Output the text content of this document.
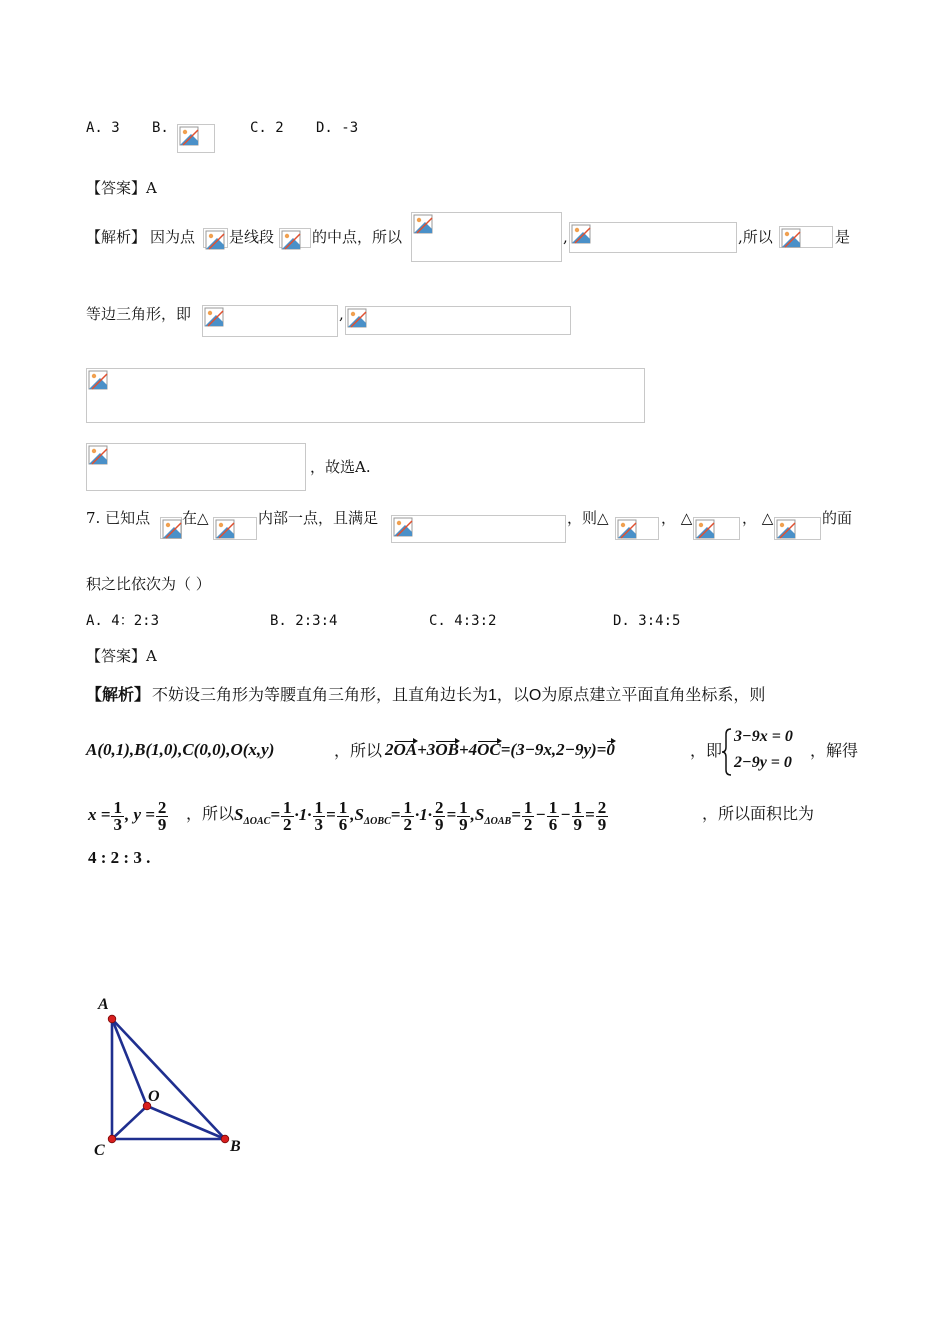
A. 3 B.	C. 2 D. -3
【答案】A
【解析】 因为点 是线段	的中点，所以	,	,所以	是
等边三角形，即	,
，故选A.
7. 已知点 在△	内部一点，且满足	，则△	， △	， △	的面
积之比依次为（ ）
A. 4：2:3	B. 2:3:4	C. 4:3:2	D. 3:4:5
【答案】A
【解析】 不妨设三角形为等腰直角三角形，且直角边长为1，以O为原点建立平面直角坐标系，则
A(0,1),B(1,0),C(0,0),O(x,y)	，所以 2OA+3OB+4OC=(3−9x,2−9y)=0	，即
3−9x = 0
2−9y = 0
，解得
$x = \frac{1}{3}$ , $y = \frac{2}{9}$ ，所以 $S_{\Delta OAC}= \frac{1}{2} \cdot 1\cdot \frac{1}{3} = \frac{1}{6} ,S_{\Delta OBC}= \frac{1}{2} \cdot 1\cdot \frac{2}{9} = \frac{1}{9} ,S_{\Delta OAB}= \frac{1}{2} - \frac{1}{6} - \frac{1}{9} = \frac{2}{9}$	，所以面积比为
4 : 2 : 3 .
A
C	B
O
